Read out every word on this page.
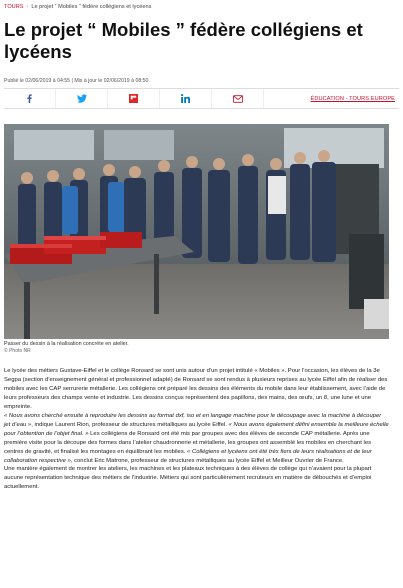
TOURS › Le projet “ Mobiles ” fédère collégiens et lycéens
Le projet “ Mobiles ” fédère collégiens et lycéens
Publié le 02/06/2019 à 04:55 | Mis à jour le 02/06/2019 à 08:50
ÉDUCATION - TOURS EUROPE
Passer du dessin à la réalisation concrète en atelier.
© Photo NR

Le lycée des métiers Gustave-Eiffel et le collège Ronsard se sont unis autour d’un projet intitulé « Mobiles ». Pour l’occasion, les élèves de la 3e Segpa (section d’enseignement général et professionnel adapté) de Ronsard se sont rendus à plusieurs reprises au lycée Eiffel afin de réaliser des mobiles avec les CAP serrurerie métallerie. Les collégiens ont préparé les dessins des éléments du mobile dans leur établissement, avec l’aide de leurs professeurs des champs vente et industrie. Les dessins conçus représentent des papillons, des mains, des œufs, un 8, une lune et une empreinte.

« Nous avons cherché ensuite à reproduire les dessins au format dxf, iso et en langage machine pour le découpage avec la machine à découper jet d’eau », indique Laurent Rion, professeur de structures métalliques au lycée Eiffel. « Nous avons également défini ensemble la meilleure échelle pour l’obtention de l’objet final. » Les collégiens de Ronsard ont été mis par groupes avec des élèves de seconde CAP métallerie. Après une première visite pour la découpe des formes dans l’atelier chaudronnerie et métallerie, les groupes ont assemblé les mobiles en cherchant les centres de gravité, et finalisé les montages en équilibrant les mobiles. « Collégiens et lycéens ont été très fiers de leurs réalisations et de leur collaboration respective », conclut Eric Matrone, professeur de structures métalliques au lycée Eiffel et Meilleur Ouvrier de France.

Une manière également de montrer les ateliers, les machines et les plateaux techniques à des élèves de collège qui n’avaient pour la plupart aucune représentation technique des métiers de l’industrie. Métiers qui sont particulièrement recruteurs en matière de débouchés et d’emploi actuellement.
